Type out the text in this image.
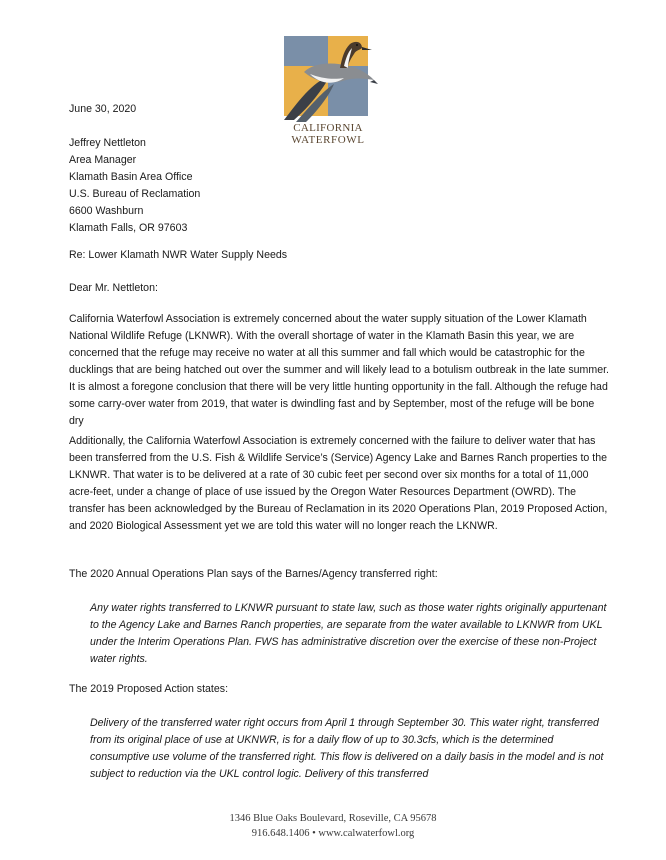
CALIFORNIA
WATERFOWL
June 30, 2020
Jeffrey Nettleton
Area Manager
Klamath Basin Area Office
U.S. Bureau of Reclamation
6600 Washburn
Klamath Falls, OR 97603
Re: Lower Klamath NWR Water Supply Needs
Dear Mr. Nettleton:
California Waterfowl Association is extremely concerned about the water supply situation of the Lower Klamath National Wildlife Refuge (LKNWR). With the overall shortage of water in the Klamath Basin this year, we are concerned that the refuge may receive no water at all this summer and fall which would be catastrophic for the ducklings that are being hatched out over the summer and will likely lead to a botulism outbreak in the late summer. It is almost a foregone conclusion that there will be very little hunting opportunity in the fall. Although the refuge had some carry-over water from 2019, that water is dwindling fast and by September, most of the refuge will be bone dry
Additionally, the California Waterfowl Association is extremely concerned with the failure to deliver water that has been transferred from the U.S. Fish & Wildlife Service’s (Service) Agency Lake and Barnes Ranch properties to the LKNWR. That water is to be delivered at a rate of 30 cubic feet per second over six months for a total of 11,000 acre-feet, under a change of place of use issued by the Oregon Water Resources Department (OWRD). The transfer has been acknowledged by the Bureau of Reclamation in its 2020 Operations Plan, 2019 Proposed Action, and 2020 Biological Assessment yet we are told this water will no longer reach the LKNWR.
The 2020 Annual Operations Plan says of the Barnes/Agency transferred right:
Any water rights transferred to LKNWR pursuant to state law, such as those water rights originally appurtenant to the Agency Lake and Barnes Ranch properties, are separate from the water available to LKNWR from UKL under the Interim Operations Plan. FWS has administrative discretion over the exercise of these non-Project water rights.
The 2019 Proposed Action states:
Delivery of the transferred water right occurs from April 1 through September 30. This water right, transferred from its original place of use at UKNWR, is for a daily flow of up to 30.3cfs, which is the determined consumptive use volume of the transferred right. This flow is delivered on a daily basis in the model and is not subject to reduction via the UKL control logic. Delivery of this transferred
1346 Blue Oaks Boulevard, Roseville, CA 95678
916.648.1406 • www.calwaterfowl.org
